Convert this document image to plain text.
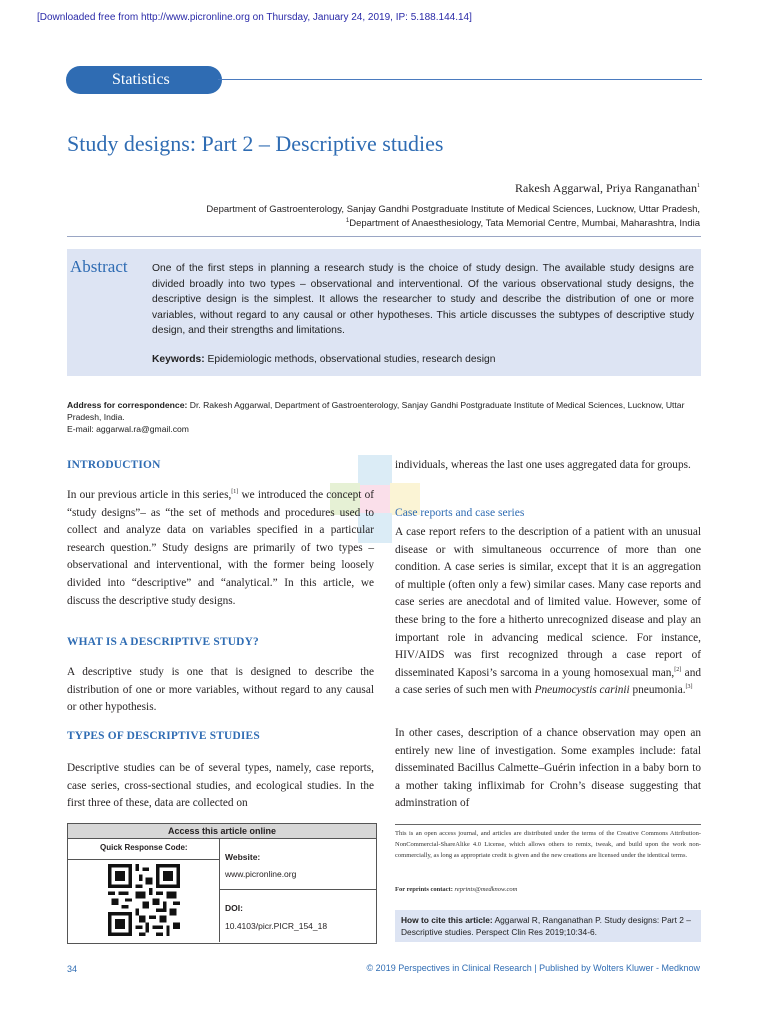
[Downloaded free from http://www.picronline.org on Thursday, January 24, 2019, IP: 5.188.144.14]
Statistics
Study designs: Part 2 – Descriptive studies
Rakesh Aggarwal, Priya Ranganathan$^1$
Department of Gastroenterology, Sanjay Gandhi Postgraduate Institute of Medical Sciences, Lucknow, Uttar Pradesh,
$^1$Department of Anaesthesiology, Tata Memorial Centre, Mumbai, Maharashtra, India
Abstract One of the first steps in planning a research study is the choice of study design. The available study designs are divided broadly into two types – observational and interventional. Of the various observational study designs, the descriptive design is the simplest. It allows the researcher to study and describe the distribution of one or more variables, without regard to any causal or other hypotheses. This article discusses the subtypes of descriptive study design, and their strengths and limitations.
Keywords: Epidemiologic methods, observational studies, research design
Address for correspondence: Dr. Rakesh Aggarwal, Department of Gastroenterology, Sanjay Gandhi Postgraduate Institute of Medical Sciences, Lucknow, Uttar Pradesh, India.
E-mail: aggarwal.ra@gmail.com
INTRODUCTION
In our previous article in this series,[1] we introduced the concept of “study designs”– as “the set of methods and procedures used to collect and analyze data on variables specified in a particular research question.” Study designs are primarily of two types – observational and interventional, with the former being loosely divided into “descriptive” and “analytical.” In this article, we discuss the descriptive study designs.
WHAT IS A DESCRIPTIVE STUDY?
A descriptive study is one that is designed to describe the distribution of one or more variables, without regard to any causal or other hypothesis.
TYPES OF DESCRIPTIVE STUDIES
Descriptive studies can be of several types, namely, case reports, case series, cross-sectional studies, and ecological studies. In the first three of these, data are collected on
individuals, whereas the last one uses aggregated data for groups.
Case reports and case series
A case report refers to the description of a patient with an unusual disease or with simultaneous occurrence of more than one condition. A case series is similar, except that it is an aggregation of multiple (often only a few) similar cases. Many case reports and case series are anecdotal and of limited value. However, some of these bring to the fore a hitherto unrecognized disease and play an important role in advancing medical science. For instance, HIV/AIDS was first recognized through a case report of disseminated Kaposi’s sarcoma in a young homosexual man,[2] and a case series of such men with Pneumocystis carinii pneumonia.[3]
In other cases, description of a chance observation may open an entirely new line of investigation. Some examples include: fatal disseminated Bacillus Calmette–Guérin infection in a baby born to a mother taking infliximab for Crohn’s disease suggesting that adminstration of
Access this article online
Quick Response Code:
Website:
www.picronline.org
DOI:
10.4103/picr.PICR_154_18
This is an open access journal, and articles are distributed under the terms of the Creative Commons Attribution-NonCommercial-ShareAlike 4.0 License, which allows others to remix, tweak, and build upon the work non-commercially, as long as appropriate credit is given and the new creations are licensed under the identical terms.
For reprints contact: reprints@medknow.com
How to cite this article: Aggarwal R, Ranganathan P. Study designs: Part 2 – Descriptive studies. Perspect Clin Res 2019;10:34-6.
34	© 2019 Perspectives in Clinical Research | Published by Wolters Kluwer - Medknow
